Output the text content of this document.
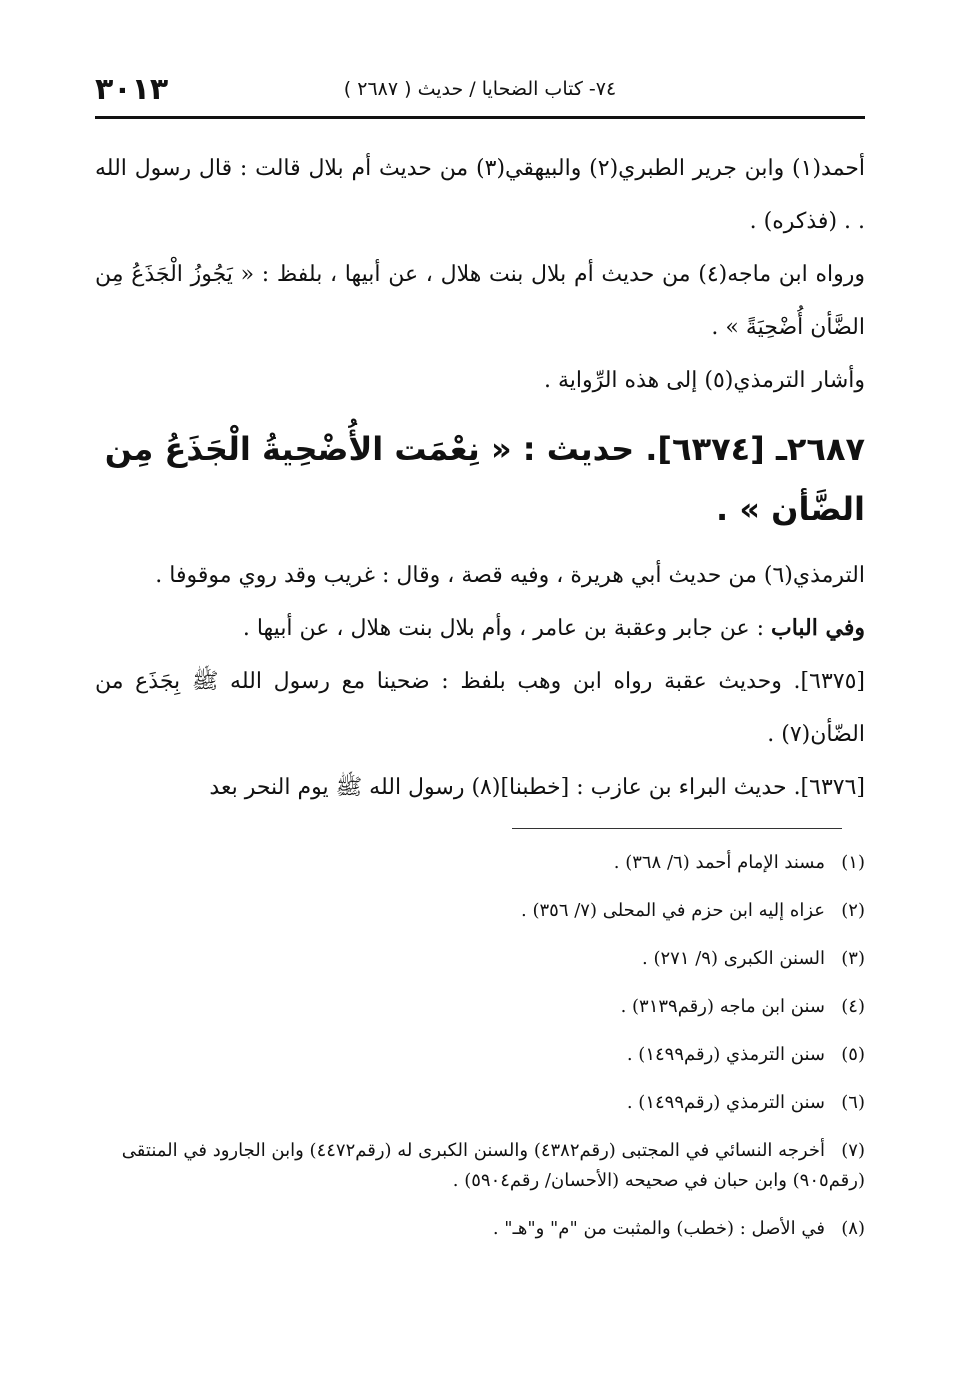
٧٤- كتاب الضحايا / حديث ( ٢٦٨٧ )
٣٠١٣

أحمد(١) وابن جرير الطبري(٢) والبيهقي(٣) من حديث أم بلال قالت : قال رسول الله . . (فذكره) .

ورواه ابن ماجه(٤) من حديث أم بلال بنت هلال ، عن أبيها ، بلفظ : « يَجُوزُ الْجَذَعُ مِن الضَّأن أُضْحِيَةً » .

وأشار الترمذي(٥) إلى هذه الرِّواية .

٢٦٨٧ـ [٦٣٧٤]. حديث : « نِعْمَت الأُضْحِيةُ الْجَذَعُ مِن الضَّأن » .

الترمذي(٦) من حديث أبي هريرة ، وفيه قصة ، وقال : غريب وقد روي موقوفا .

وفي الباب : عن جابر وعقبة بن عامر ، وأم بلال بنت هلال ، عن أبيها .

[٦٣٧٥]. وحديث عقبة رواه ابن وهب بلفظ : ضحينا مع رسول الله ﷺ بِجَذَع من الضّأن(٧) .

[٦٣٧٦]. حديث البراء بن عازب : [خطبنا](٨) رسول الله ﷺ يوم النحر بعد

(١)مسند الإمام أحمد (٦/ ٣٦٨) .
(٢)عزاه إليه ابن حزم في المحلى (٧/ ٣٥٦) .
(٣)السنن الكبرى (٩/ ٢٧١) .
(٤)سنن ابن ماجه (رقم٣١٣٩) .
(٥)سنن الترمذي (رقم١٤٩٩) .
(٦)سنن الترمذي (رقم١٤٩٩) .
(٧)أخرجه النسائي في المجتبى (رقم٤٣٨٢) والسنن الكبرى له (رقم٤٤٧٢) وابن الجارود في المنتقى (رقم٩٠٥) وابن حبان في صحيحه (الأحسان/ رقم٥٩٠٤) .
(٨)في الأصل : (خطب) والمثبت من "م" و"هـ" .
